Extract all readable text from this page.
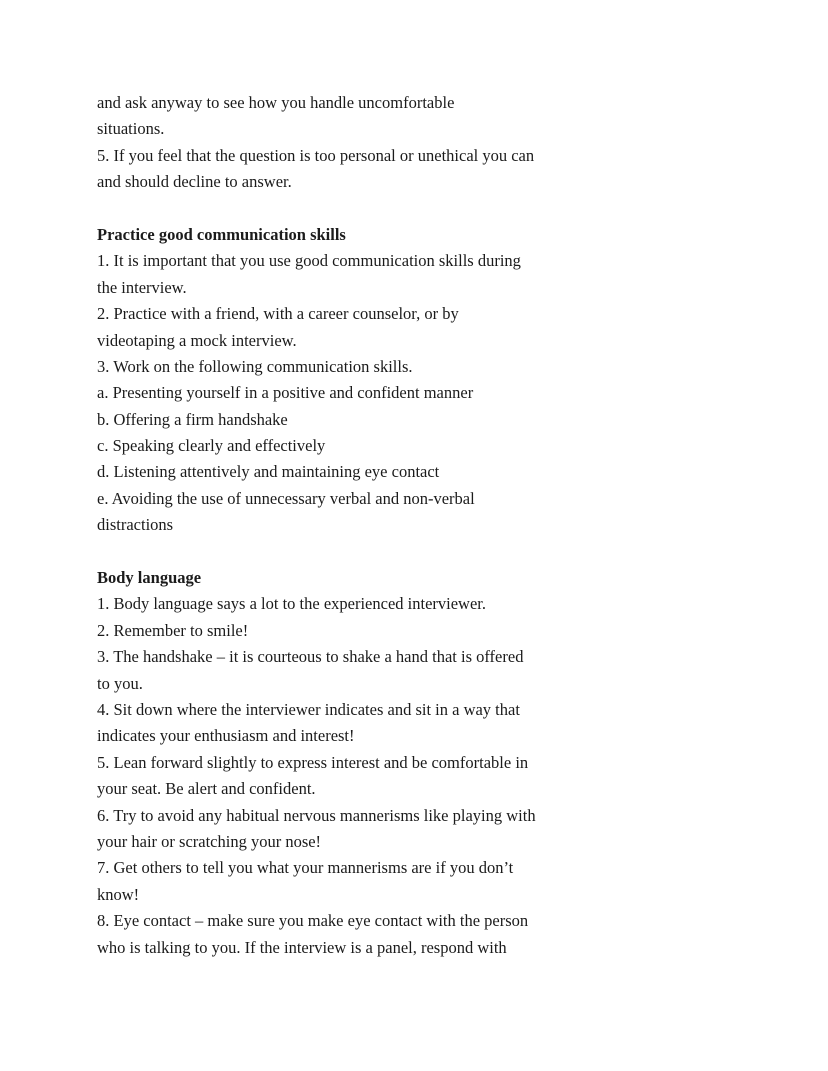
and ask anyway to see how you handle uncomfortable
situations.
5. If you feel that the question is too personal or unethical you can
and should decline to answer.
Practice good communication skills
1. It is important that you use good communication skills during
the interview.
2. Practice with a friend, with a career counselor, or by
videotaping a mock interview.
3. Work on the following communication skills.
a. Presenting yourself in a positive and confident manner
b. Offering a firm handshake
c. Speaking clearly and effectively
d. Listening attentively and maintaining eye contact
e. Avoiding the use of unnecessary verbal and non-verbal
distractions
Body language
1. Body language says a lot to the experienced interviewer.
2. Remember to smile!
3. The handshake – it is courteous to shake a hand that is offered
to you.
4. Sit down where the interviewer indicates and sit in a way that
indicates your enthusiasm and interest!
5. Lean forward slightly to express interest and be comfortable in
your seat. Be alert and confident.
6. Try to avoid any habitual nervous mannerisms like playing with
your hair or scratching your nose!
7. Get others to tell you what your mannerisms are if you don’t
know!
8. Eye contact – make sure you make eye contact with the person
who is talking to you. If the interview is a panel, respond with
